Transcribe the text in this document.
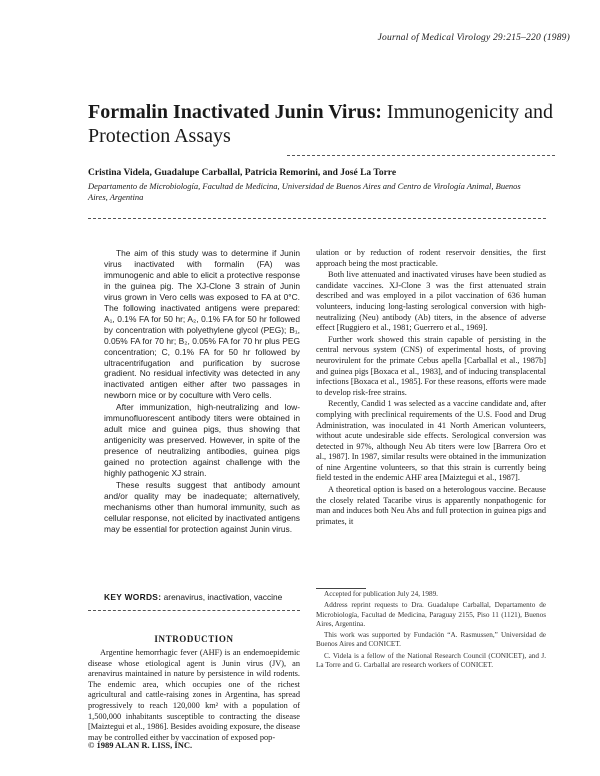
Journal of Medical Virology 29:215–220 (1989)
Formalin Inactivated Junin Virus: Immunogenicity and Protection Assays
Cristina Videla, Guadalupe Carballal, Patricia Remorini, and José La Torre
Departamento de Microbiología, Facultad de Medicina, Universidad de Buenos Aires and Centro de Virología Animal, Buenos Aires, Argentina

The aim of this study was to determine if Junin virus inactivated with formalin (FA) was immunogenic and able to elicit a protective response in the guinea pig. The XJ-Clone 3 strain of Junin virus grown in Vero cells was exposed to FA at 0°C. The following inactivated antigens were prepared: A₁, 0.1% FA for 50 hr; A₂, 0.1% FA for 50 hr followed by concentration with polyethylene glycol (PEG); B₁, 0.05% FA for 70 hr; B₂, 0.05% FA for 70 hr plus PEG concentration; C, 0.1% FA for 50 hr followed by ultracentrifugation and purification by sucrose gradient. No residual infectivity was detected in any inactivated antigen either after two passages in newborn mice or by coculture with Vero cells.

After immunization, high-neutralizing and low-immunofluorescent antibody titers were obtained in adult mice and guinea pigs, thus showing that antigenicity was preserved. However, in spite of the presence of neutralizing antibodies, guinea pigs gained no protection against challenge with the highly pathogenic XJ strain.

These results suggest that antibody amount and/or quality may be inadequate; alternatively, mechanisms other than humoral immunity, such as cellular response, not elicited by inactivated antigens may be essential for protection against Junin virus.

KEY WORDS: arenavirus, inactivation, vaccine
INTRODUCTION

Argentine hemorrhagic fever (AHF) is an endemoepidemic disease whose etiological agent is Junin virus (JV), an arenavirus maintained in nature by persistence in wild rodents. The endemic area, which occupies one of the richest agricultural and cattle-raising zones in Argentina, has spread progressively to reach 120,000 km² with a population of 1,500,000 inhabitants susceptible to contracting the disease [Maiztegui et al., 1986]. Besides avoiding exposure, the disease may be controlled either by vaccination of exposed pop-

© 1989 ALAN R. LISS, INC.

ulation or by reduction of rodent reservoir densities, the first approach being the most practicable.

Both live attenuated and inactivated viruses have been studied as candidate vaccines. XJ-Clone 3 was the first attenuated strain described and was employed in a pilot vaccination of 636 human volunteers, inducing long-lasting serological conversion with high-neutralizing (Neu) antibody (Ab) titers, in the absence of adverse effect [Ruggiero et al., 1981; Guerrero et al., 1969].

Further work showed this strain capable of persisting in the central nervous system (CNS) of experimental hosts, of proving neurovirulent for the primate Cebus apella [Carballal et al., 1987b] and guinea pigs [Boxaca et al., 1983], and of inducing transplacental infections [Boxaca et al., 1985]. For these reasons, efforts were made to develop risk-free strains.

Recently, Candid 1 was selected as a vaccine candidate and, after complying with preclinical requirements of the U.S. Food and Drug Administration, was inoculated in 41 North American volunteers, without acute undesirable side effects. Serological conversion was detected in 97%, although Neu Ab titers were low [Barrera Oro et al., 1987]. In 1987, similar results were obtained in the immunization of nine Argentine volunteers, so that this strain is currently being field tested in the endemic AHF area [Maiztegui et al., 1987].

A theoretical option is based on a heterologous vaccine. Because the closely related Tacaribe virus is apparently nonpathogenic for man and induces both Neu Abs and full protection in guinea pigs and primates, it

Accepted for publication July 24, 1989.

Address reprint requests to Dra. Guadalupe Carballal, Departamento de Microbiología, Facultad de Medicina, Paraguay 2155, Piso 11 (1121), Buenos Aires, Argentina.

This work was supported by Fundación “A. Rasmussen,” Universidad de Buenos Aires and CONICET.

C. Videla is a fellow of the National Research Council (CONICET), and J. La Torre and G. Carballal are research workers of CONICET.
